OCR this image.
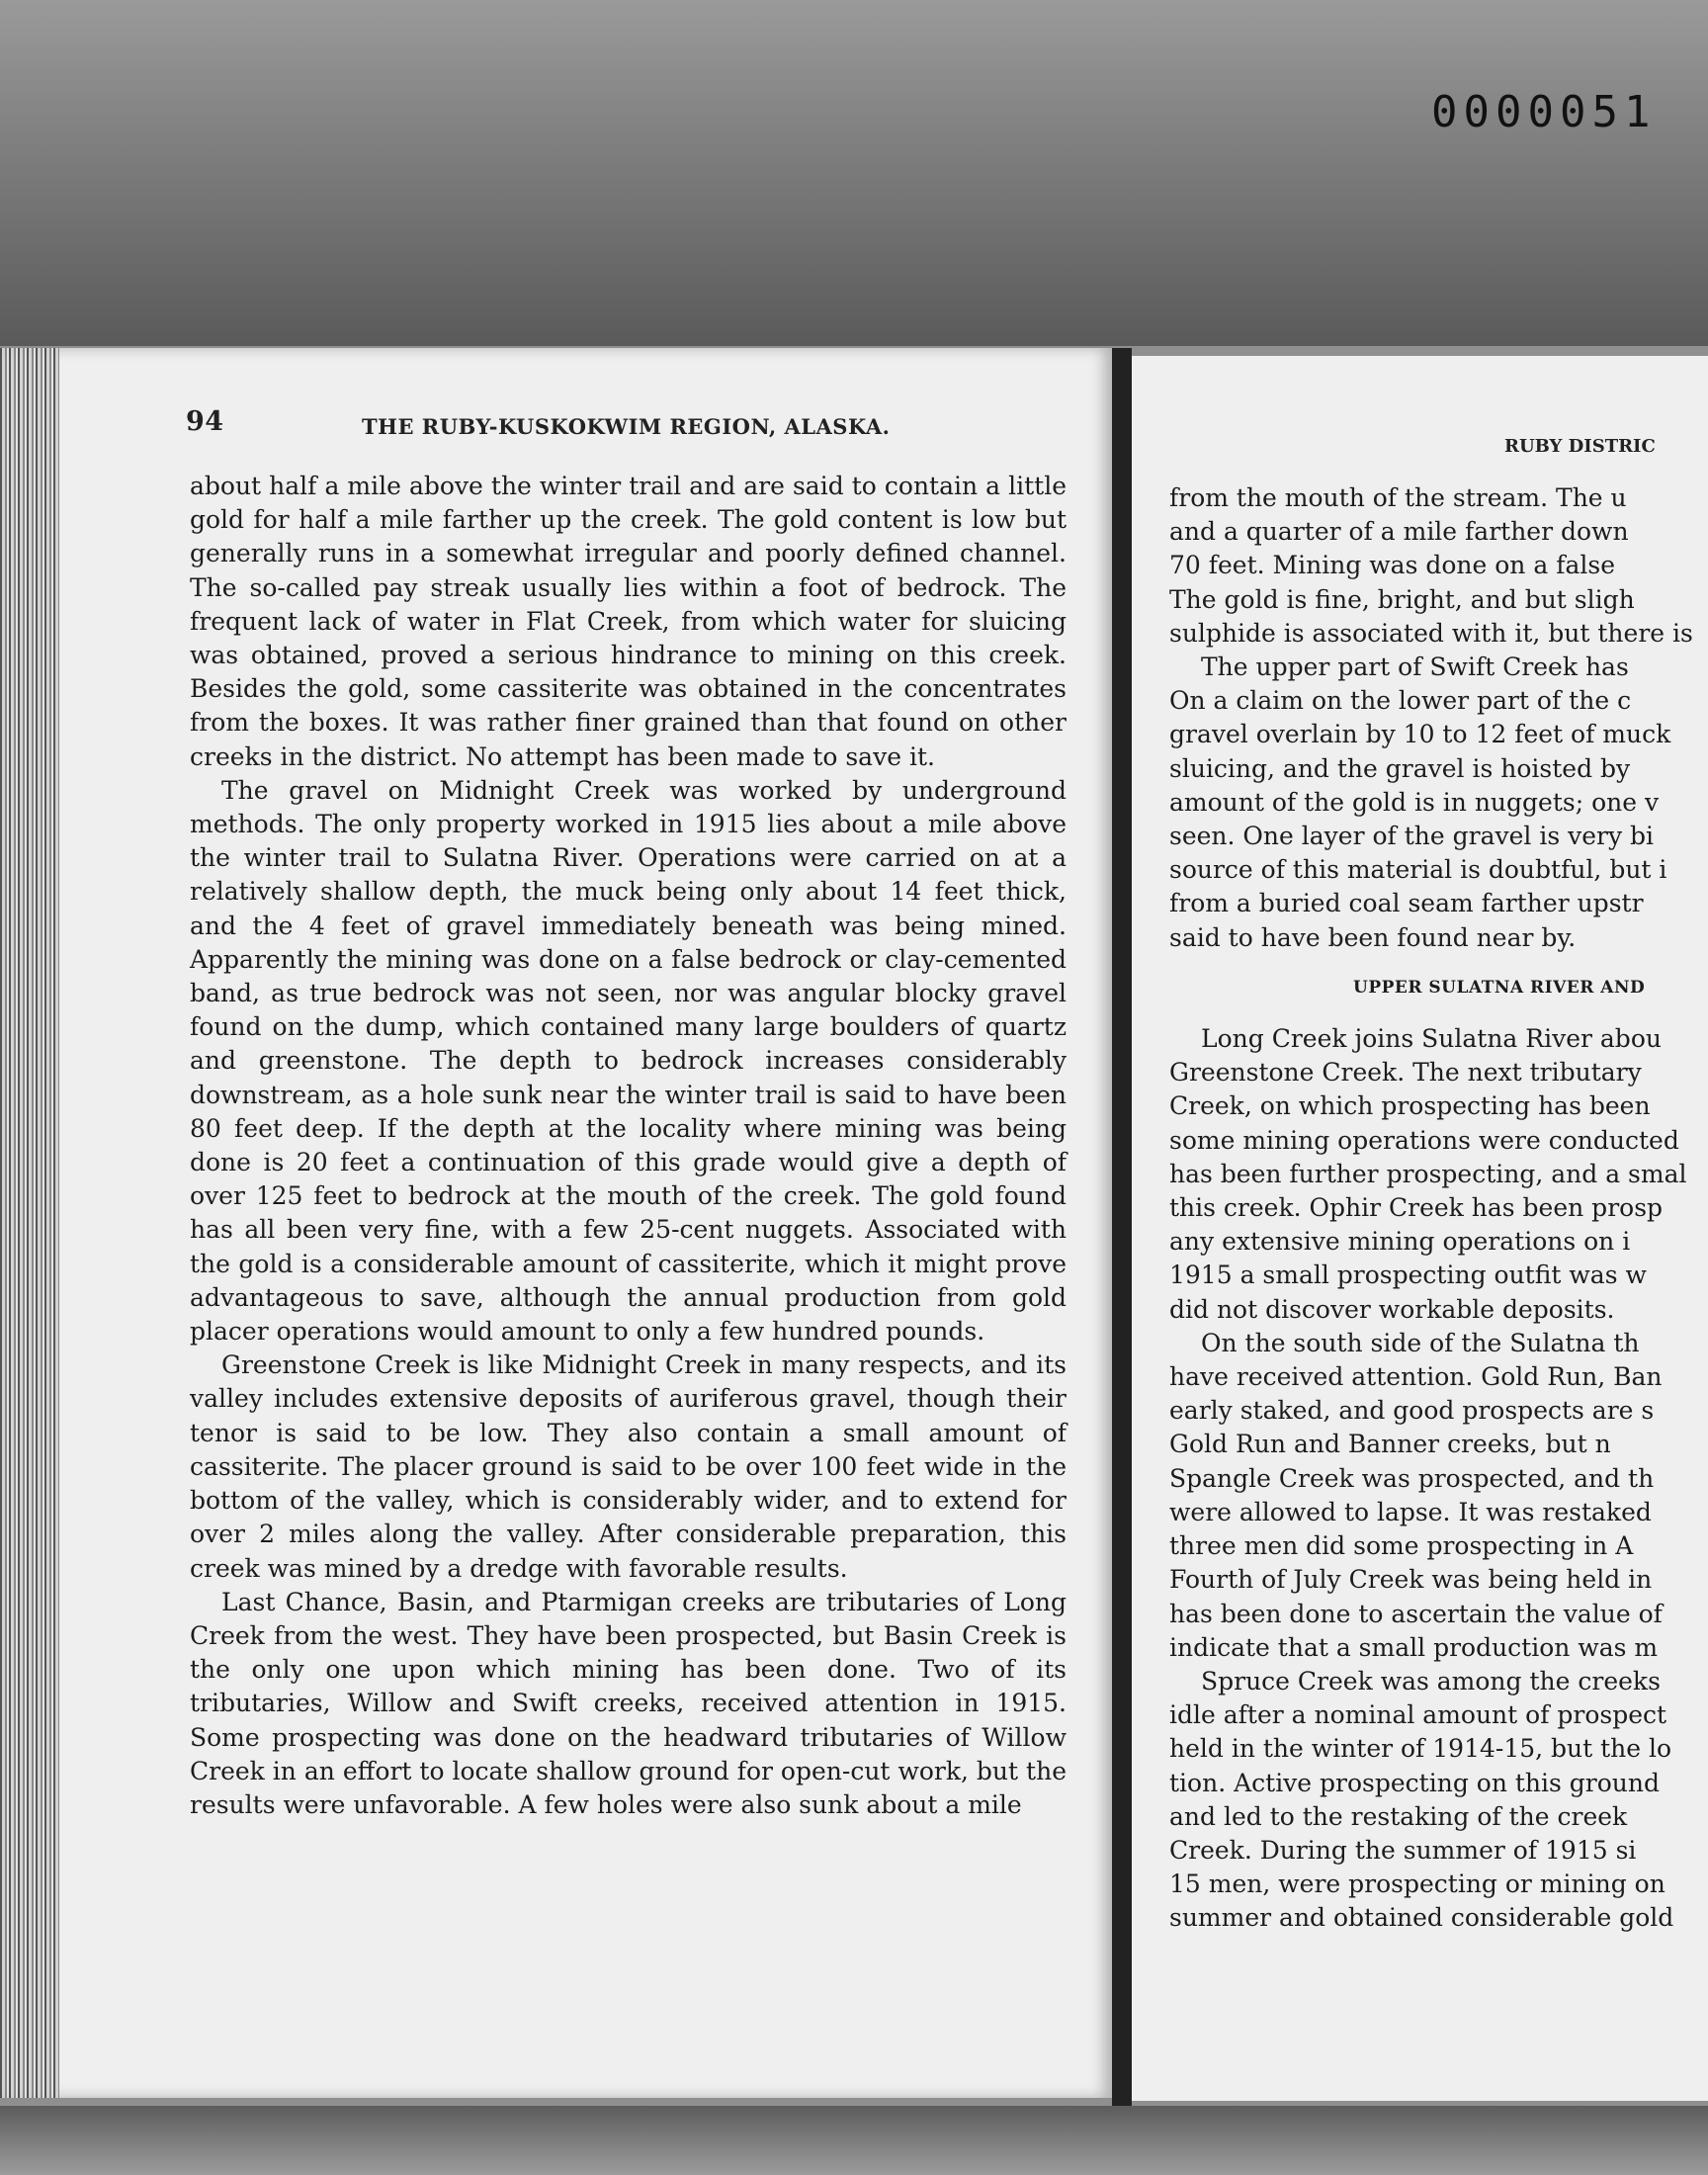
0000051
94	THE RUBY-KUSKOKWIM REGION, ALASKA.

about half a mile above the winter trail and are said to contain a little gold for half a mile farther up the creek. The gold content is low but generally runs in a somewhat irregular and poorly defined channel. The so-called pay streak usually lies within a foot of bedrock. The frequent lack of water in Flat Creek, from which water for sluicing was obtained, proved a serious hindrance to mining on this creek. Besides the gold, some cassiterite was obtained in the concentrates from the boxes. It was rather finer grained than that found on other creeks in the district. No attempt has been made to save it.

The gravel on Midnight Creek was worked by underground methods. The only property worked in 1915 lies about a mile above the winter trail to Sulatna River. Operations were carried on at a relatively shallow depth, the muck being only about 14 feet thick, and the 4 feet of gravel immediately beneath was being mined. Apparently the mining was done on a false bedrock or clay-cemented band, as true bedrock was not seen, nor was angular blocky gravel found on the dump, which contained many large boulders of quartz and greenstone. The depth to bedrock increases considerably downstream, as a hole sunk near the winter trail is said to have been 80 feet deep. If the depth at the locality where mining was being done is 20 feet a continuation of this grade would give a depth of over 125 feet to bedrock at the mouth of the creek. The gold found has all been very fine, with a few 25-cent nuggets. Associated with the gold is a considerable amount of cassiterite, which it might prove advantageous to save, although the annual production from gold placer operations would amount to only a few hundred pounds.

Greenstone Creek is like Midnight Creek in many respects, and its valley includes extensive deposits of auriferous gravel, though their tenor is said to be low. They also contain a small amount of cassiterite. The placer ground is said to be over 100 feet wide in the bottom of the valley, which is considerably wider, and to extend for over 2 miles along the valley. After considerable preparation, this creek was mined by a dredge with favorable results.

Last Chance, Basin, and Ptarmigan creeks are tributaries of Long Creek from the west. They have been prospected, but Basin Creek is the only one upon which mining has been done. Two of its tributaries, Willow and Swift creeks, received attention in 1915. Some prospecting was done on the headward tributaries of Willow Creek in an effort to locate shallow ground for open-cut work, but the results were unfavorable. A few holes were also sunk about a mile

RUBY DISTRIC

from the mouth of the stream. The u

and a quarter of a mile farther down

70 feet. Mining was done on a false

The gold is fine, bright, and but sligh

sulphide is associated with it, but there is

The upper part of Swift Creek has

On a claim on the lower part of the c

gravel overlain by 10 to 12 feet of muck

sluicing, and the gravel is hoisted by

amount of the gold is in nuggets; one v

seen. One layer of the gravel is very bi

source of this material is doubtful, but i

from a buried coal seam farther upstr

said to have been found near by.

UPPER SULATNA RIVER AND

Long Creek joins Sulatna River abou

Greenstone Creek. The next tributary

Creek, on which prospecting has been

some mining operations were conducted

has been further prospecting, and a smal

this creek. Ophir Creek has been prosp

any extensive mining operations on i

1915 a small prospecting outfit was w

did not discover workable deposits.

On the south side of the Sulatna th

have received attention. Gold Run, Ban

early staked, and good prospects are s

Gold Run and Banner creeks, but n

Spangle Creek was prospected, and th

were allowed to lapse. It was restaked

three men did some prospecting in A

Fourth of July Creek was being held in

has been done to ascertain the value of

indicate that a small production was m

Spruce Creek was among the creeks

idle after a nominal amount of prospect

held in the winter of 1914-15, but the lo

tion. Active prospecting on this ground

and led to the restaking of the creek

Creek. During the summer of 1915 si

15 men, were prospecting or mining on

summer and obtained considerable gold
